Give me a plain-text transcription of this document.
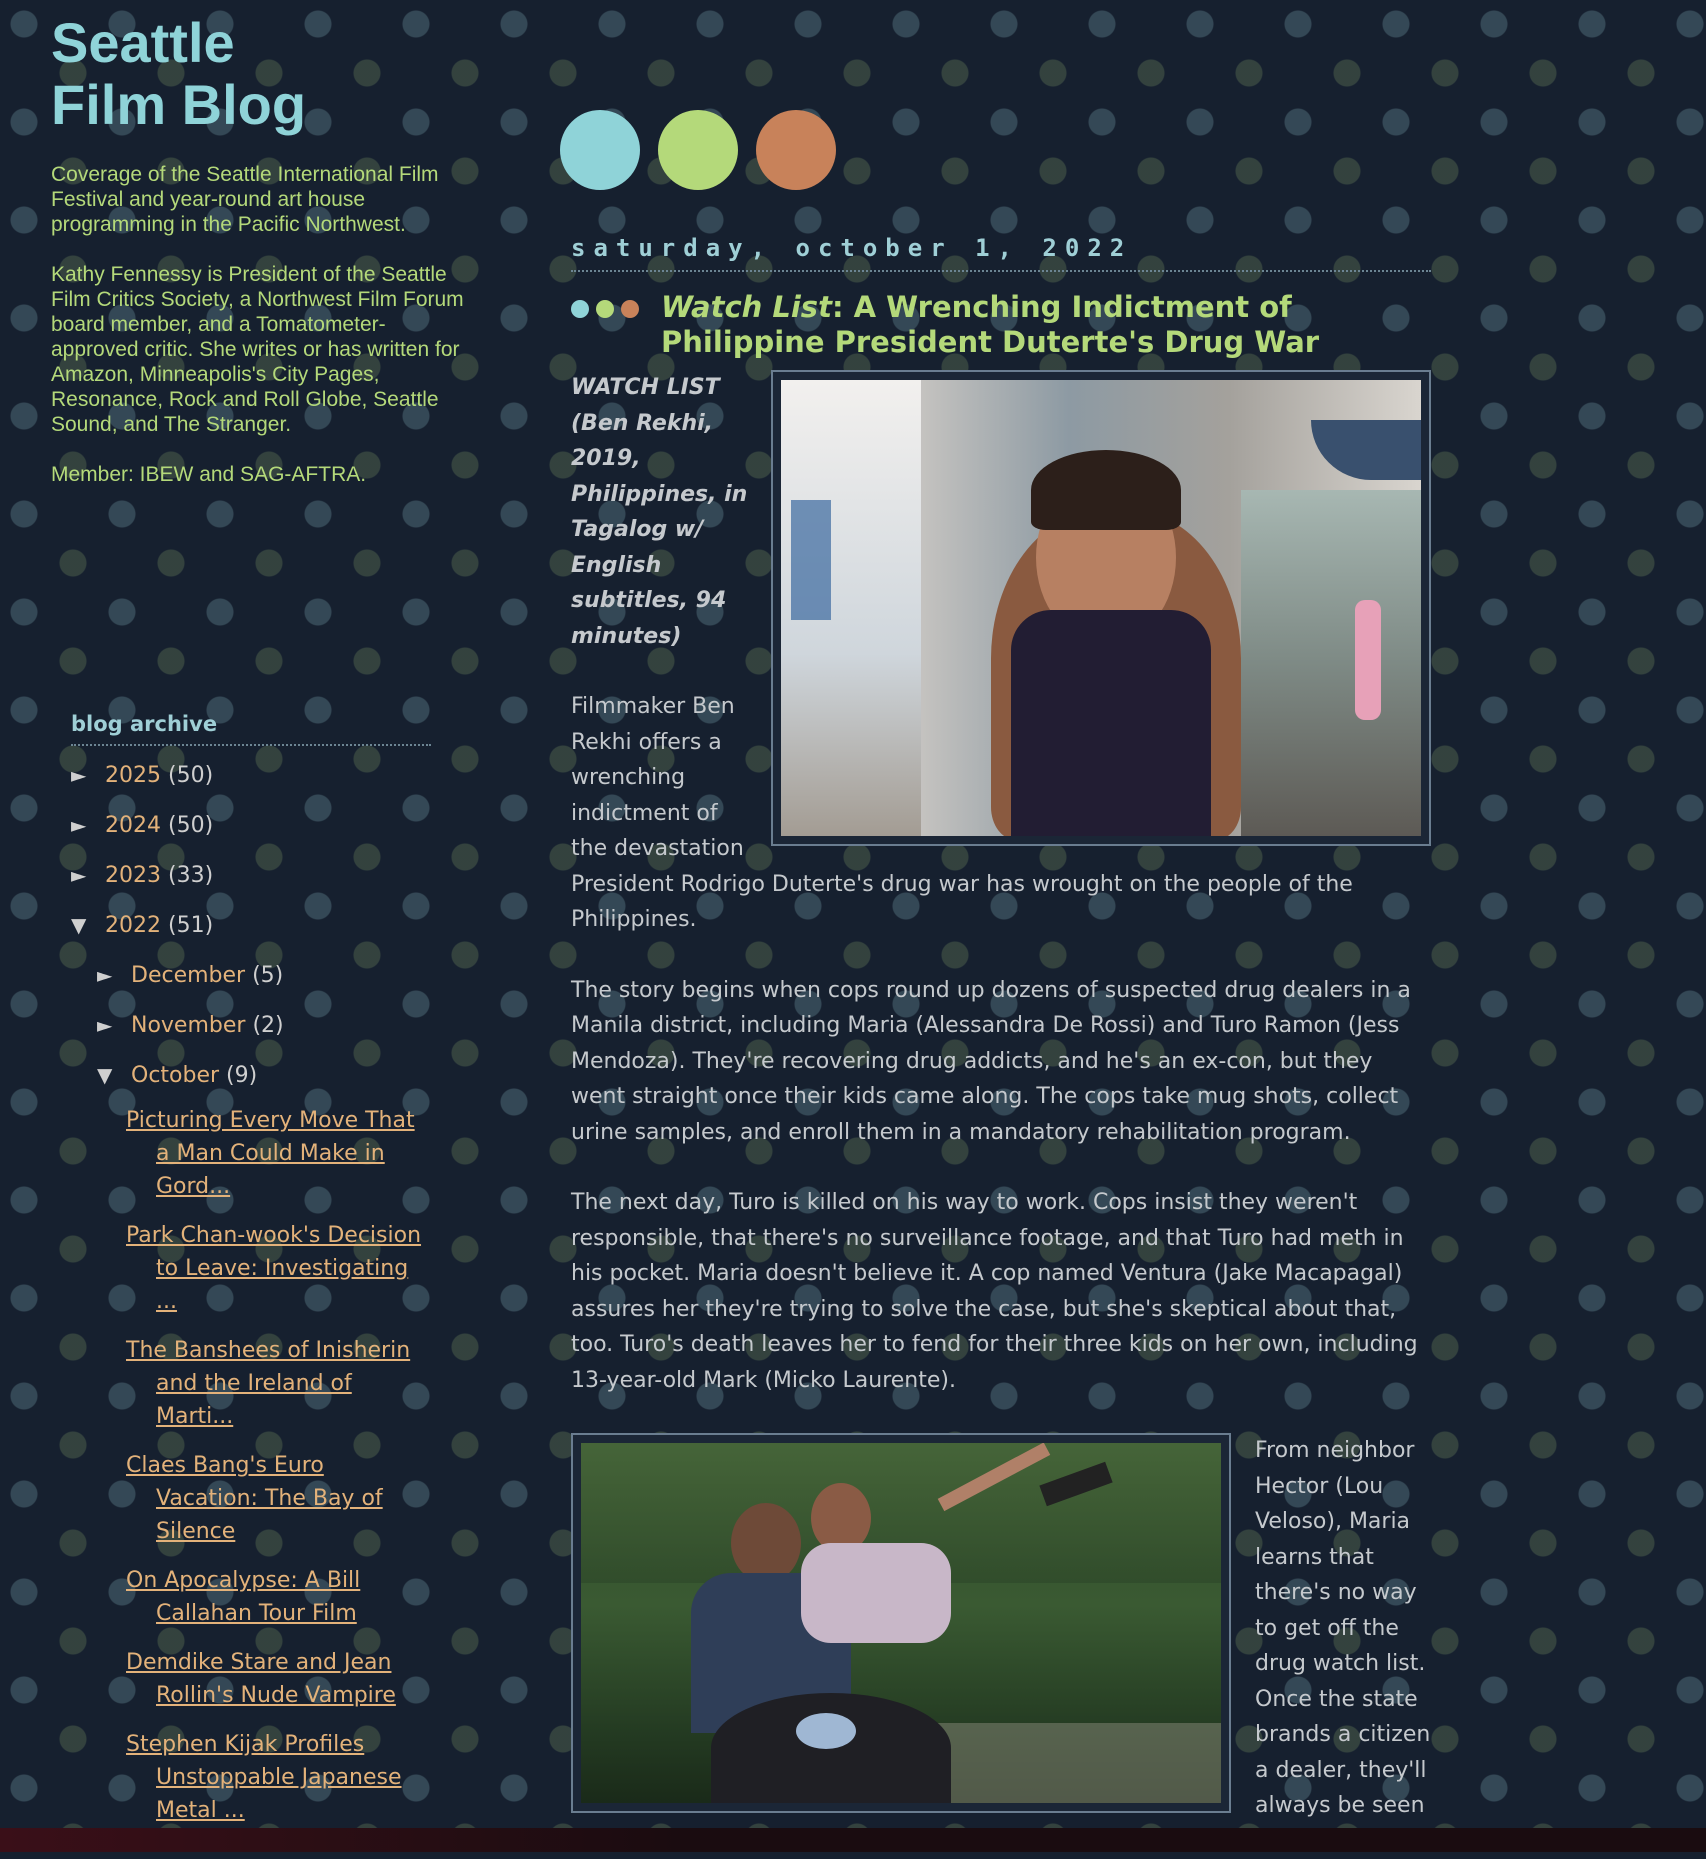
Seattle Film Blog

Coverage of the Seattle International Film Festival and year-round art house programming in the Pacific Northwest.

Kathy Fennessy is President of the Seattle Film Critics Society, a Northwest Film Forum board member, and a Tomatometer-approved critic. She writes or has written for Amazon, Minneapolis's City Pages, Resonance, Rock and Roll Globe, Seattle Sound, and The Stranger.

Member: IBEW and SAG-AFTRA.

blog archive
► 2025 (50)
► 2024 (50)
► 2023 (33)
▼ 2022 (51)
► December (5)
► November (2)
▼ October (9)
Picturing Every Move That a Man Could Make in Gord...
Park Chan-wook's Decision to Leave: Investigating ...
The Banshees of Inisherin and the Ireland of Marti...
Claes Bang's Euro Vacation: The Bay of Silence
On Apocalypse: A Bill Callahan Tour Film
Demdike Stare and Jean Rollin's Nude Vampire
Stephen Kijak Profiles Unstoppable Japanese Metal ...
saturday, october 1, 2022
Watch List: A Wrenching Indictment of Philippine President Duterte's Drug War

WATCH LIST (Ben Rekhi, 2019, Philippines, in Tagalog w/ English subtitles, 94 minutes)

Filmmaker Ben Rekhi offers a wrenching indictment of the devastation President Rodrigo Duterte's drug war has wrought on the people of the Philippines.

The story begins when cops round up dozens of suspected drug dealers in a Manila district, including Maria (Alessandra De Rossi) and Turo Ramon (Jess Mendoza). They're recovering drug addicts, and he's an ex-con, but they went straight once their kids came along. The cops take mug shots, collect urine samples, and enroll them in a mandatory rehabilitation program.

The next day, Turo is killed on his way to work. Cops insist they weren't responsible, that there's no surveillance footage, and that Turo had meth in his pocket. Maria doesn't believe it. A cop named Ventura (Jake Macapagal) assures her they're trying to solve the case, but she's skeptical about that, too. Turo's death leaves her to fend for their three kids on her own, including 13-year-old Mark (Micko Laurente).

From neighbor Hector (Lou Veloso), Maria learns that there's no way to get off the drug watch list. Once the state brands a citizen a dealer, they'll always be seen
